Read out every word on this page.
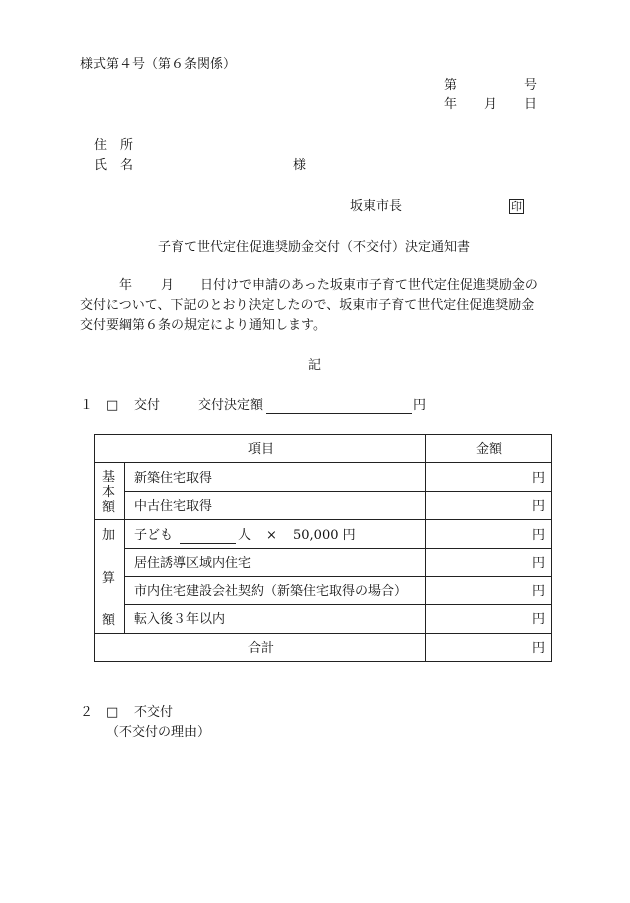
様式第４号（第６条関係）
第	号
年 月 日
住　所
氏　名	様
坂東市長	印
子育て世代定住促進奨励金交付（不交付）決定通知書
年 月 日付けで申請のあった坂東市子育て世代定住促進奨励金の
交付について、下記のとおり決定したので、坂東市子育て世代定住促進奨励金
交付要綱第６条の規定により通知します。
記
１ □ 交付	交付決定額	円
項目	金額
基
本
額
新築住宅取得	円
中古住宅取得	円
加
算
額
子ども	人 × 50,000 円	円
居住誘導区域内住宅	円
市内住宅建設会社契約（新築住宅取得の場合）	円
転入後３年以内	円
合計	円
２ □ 不交付
（不交付の理由）
